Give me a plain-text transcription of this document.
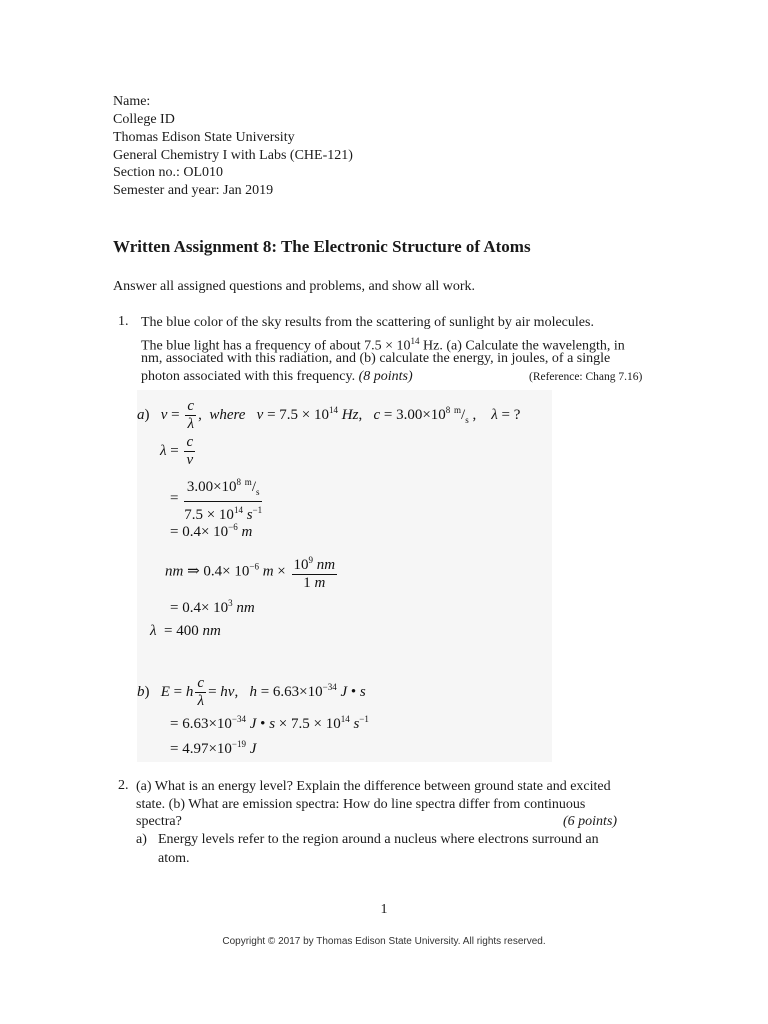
Name:
College ID
Thomas Edison State University
General Chemistry I with Labs (CHE-121)
Section no.: OL010
Semester and year: Jan 2019
Written Assignment 8: The Electronic Structure of Atoms
Answer all assigned questions and problems, and show all work.
1. The blue color of the sky results from the scattering of sunlight by air molecules.
The blue light has a frequency of about $7.5 \times 10^{14}$ Hz. (a) Calculate the wavelength, in
nm, associated with this radiation, and (b) calculate the energy, in joules, of a single
photon associated with this frequency. (8 points)	(Reference: Chang 7.16)
a)   $\nu = \frac{c}{\lambda}$ ,  where $\nu = 7.5 \times 10^{14}$ Hz,   $c = 3.00\times 10^8$ $^m/_s$ ,    λ = ?
$\lambda = \frac{c}{\nu}$
= $\frac{3.00\times 10^8 ^m/_s}{7.5 \times 10^{14} s^{-1}}$
= $0.4\times 10^{-6}$ m
nm ⇒ $0.4\times 10^{-6}$ $m \times \frac{10^9 nm}{1 m}$
= $0.4\times 10^3$ nm
λ  = 400 nm
b)   E = h $\frac{c}{\lambda} = h\nu$,   $h = 6.63\times 10^{-34}$ J • s
= $6.63\times 10^{-34}$ J • $s \times 7.5 \times 10^{14}$ $s^{-1}$
= $4.97\times 10^{-19}$ J
2. (a) What is an energy level? Explain the difference between ground state and excited
state. (b) What are emission spectra: How do line spectra differ from continuous
spectra?	(6 points)
a) Energy levels refer to the region around a nucleus where electrons surround an
atom.
1
Copyright © 2017 by Thomas Edison State University. All rights reserved.
